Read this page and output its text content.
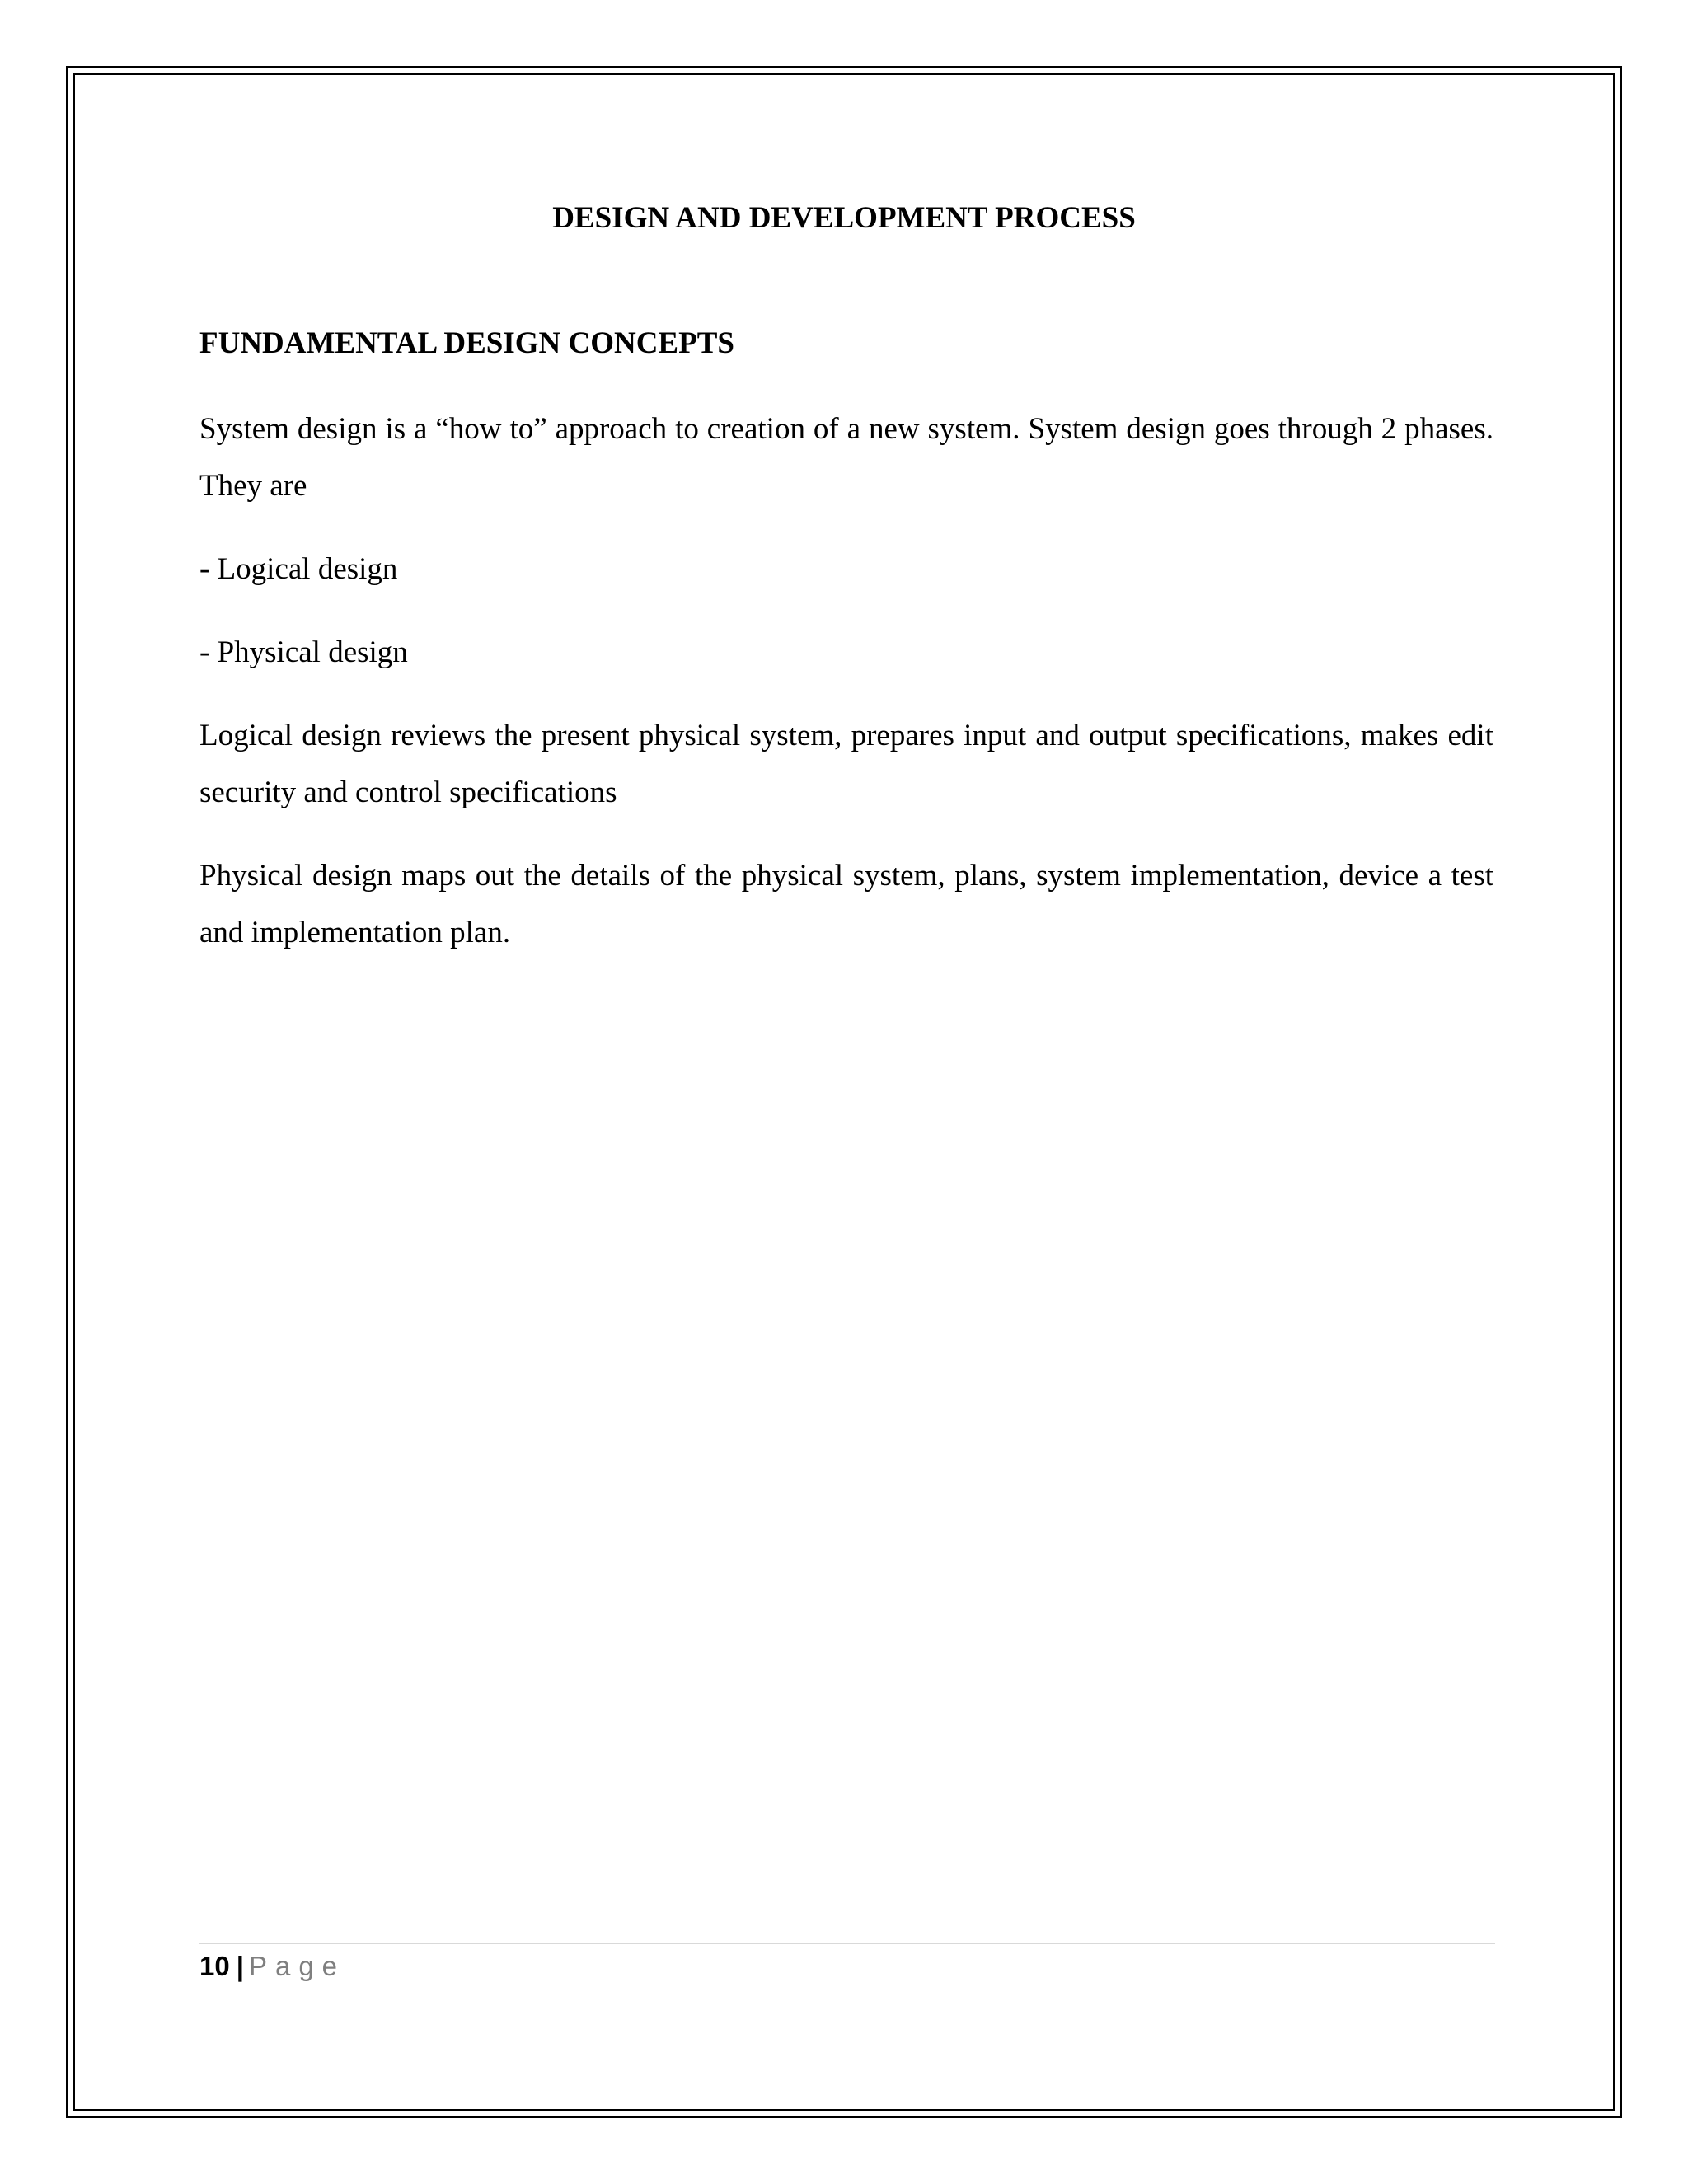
DESIGN AND DEVELOPMENT PROCESS
FUNDAMENTAL DESIGN CONCEPTS

System design is a “how to” approach to creation of a new system. System design goes through 2 phases. They are

- Logical design

- Physical design

Logical design reviews the present physical system, prepares input and output specifications, makes edit security and control specifications

Physical design maps out the details of the physical system, plans, system implementation, device a test and implementation plan.

10 | Page
